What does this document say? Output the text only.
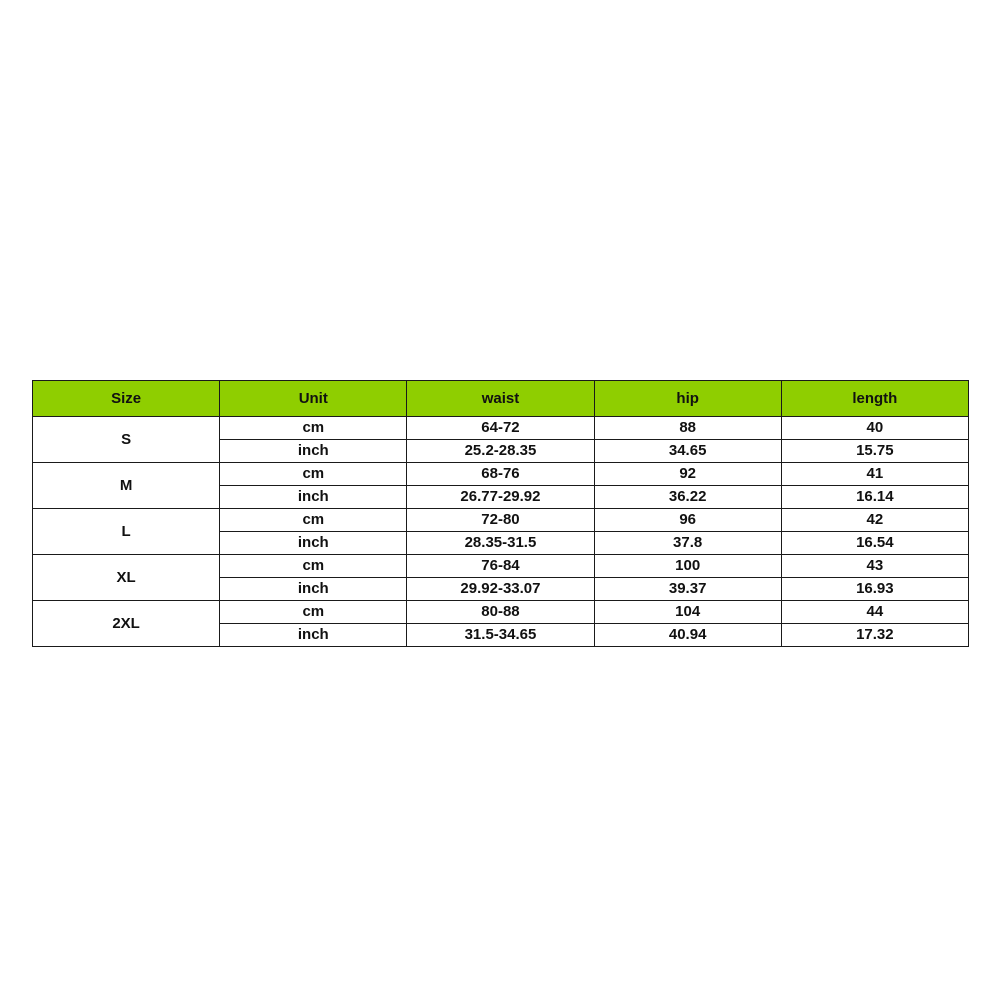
Size	Unit	waist	hip	length
S	cm	64-72	88	40
	inch	25.2-28.35	34.65	15.75
M	cm	68-76	92	41
	inch	26.77-29.92	36.22	16.14
L	cm	72-80	96	42
	inch	28.35-31.5	37.8	16.54
XL	cm	76-84	100	43
	inch	29.92-33.07	39.37	16.93
2XL	cm	80-88	104	44
	inch	31.5-34.65	40.94	17.32
